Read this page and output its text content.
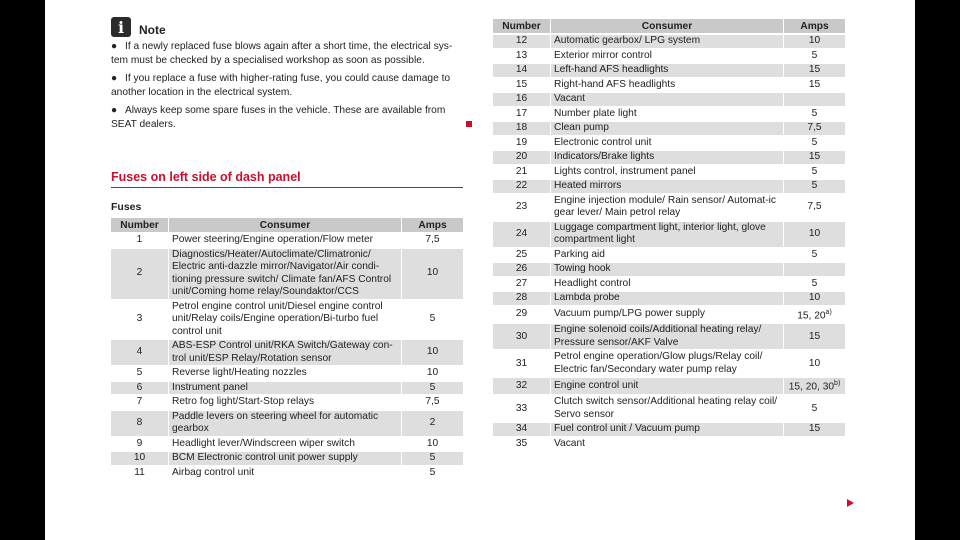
i	Note
● If a newly replaced fuse blows again after a short time, the electrical sys-tem must be checked by a specialised workshop as soon as possible.
● If you replace a fuse with higher-rating fuse, you could cause damage to another location in the electrical system.
● Always keep some spare fuses in the vehicle. These are available from SEAT dealers.
Fuses on left side of dash panel
Fuses
Number	Consumer	Amps
1	Power steering/Engine operation/Flow meter	7,5
2	Diagnostics/Heater/Autoclimate/Climatronic/ Electric anti-dazzle mirror/Navigator/Air condi-tioning pressure switch/ Climate fan/AFS Control unit/Coming home relay/Soundaktor/CCS	10
3	Petrol engine control unit/Diesel engine control unit/Relay coils/Engine operation/Bi-turbo fuel control unit	5
4	ABS-ESP Control unit/RKA Switch/Gateway con-trol unit/ESP Relay/Rotation sensor	10
5	Reverse light/Heating nozzles	10
6	Instrument panel	5
7	Retro fog light/Start-Stop relays	7,5
8	Paddle levers on steering wheel for automatic gearbox	2
9	Headlight lever/Windscreen wiper switch	10
10	BCM Electronic control unit power supply	5
11	Airbag control unit	5
Number	Consumer	Amps
12	Automatic gearbox/ LPG system	10
13	Exterior mirror control	5
14	Left-hand AFS headlights	15
15	Right-hand AFS headlights	15
16	Vacant	
17	Number plate light	5
18	Clean pump	7,5
19	Electronic control unit	5
20	Indicators/Brake lights	15
21	Lights control, instrument panel	5
22	Heated mirrors	5
23	Engine injection module/ Rain sensor/ Automat-ic gear lever/ Main petrol relay	7,5
24	Luggage compartment light, interior light, glove compartment light	10
25	Parking aid	5
26	Towing hook	
27	Headlight control	5
28	Lambda probe	10
29	Vacuum pump/LPG power supply	15, 20$^{a)}$
30	Engine solenoid coils/Additional heating relay/ Pressure sensor/AKF Valve	15
31	Petrol engine operation/Glow plugs/Relay coil/ Electric fan/Secondary water pump relay	10
32	Engine control unit	15, 20, 30$^{b)}$
33	Clutch switch sensor/Additional heating relay coil/ Servo sensor	5
34	Fuel control unit / Vacuum pump	15
35	Vacant	
